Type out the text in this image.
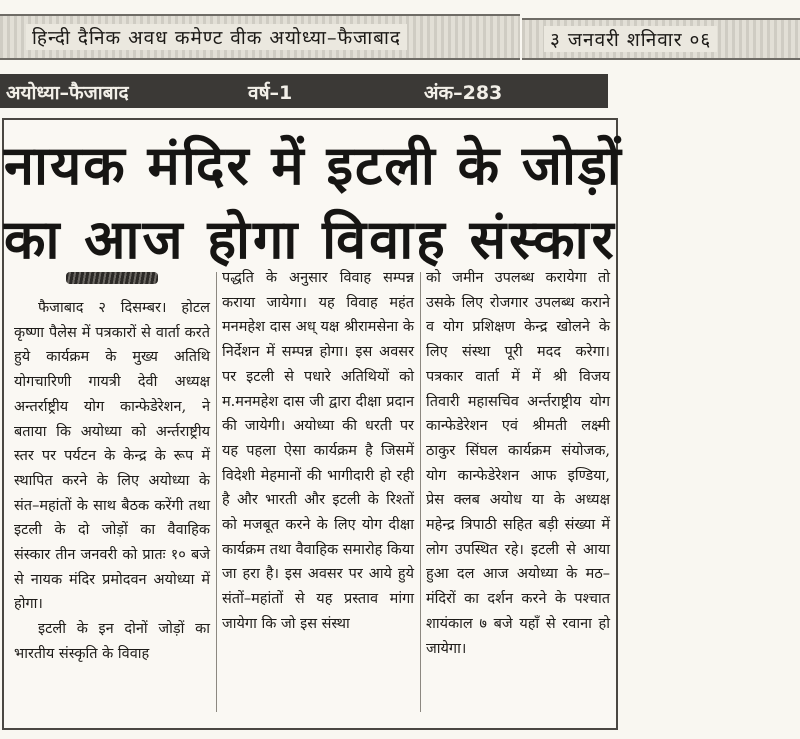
हिन्दी दैनिक अवध कमेण्ट वीक अयोध्या–फैजाबाद	३ जनवरी शनिवार ०६
अयोध्या–फैजाबाद	वर्ष–1	अंक–283
नायक मंदिर में इटली के जोड़ों
का आज होगा विवाह संस्कार

फैजाबाद २ दिसम्बर। होटल कृष्णा पैलेस में पत्रकारों से वार्ता करते हुये कार्यक्रम के मुख्य अतिथि योगचारिणी गायत्री देवी अध्यक्ष अन्तर्राष्ट्रीय योग कान्फेडेरेशन, ने बताया कि अयोध्या को अर्न्तराष्ट्रीय स्तर पर पर्यटन के केन्द्र के रूप में स्थापित करने के लिए अयोध्या के संत–महांतों के साथ बैठक करेंगी तथा इटली के दो जोड़ों का वैवाहिक संस्कार तीन जनवरी को प्रातः १० बजे से नायक मंदिर प्रमोदवन अयोध्या में होगा।

इटली के इन दोनों जोड़ों का भारतीय संस्कृति के विवाह

पद्धति के अनुसार विवाह सम्पन्न कराया जायेगा। यह विवाह महंत मनमहेश दास अध् यक्ष श्रीरामसेना के निर्देशन में सम्पन्न होगा। इस अवसर पर इटली से पधारे अतिथियों को म.मनमहेश दास जी द्वारा दीक्षा प्रदान की जायेगी। अयोध्या की धरती पर यह पहला ऐसा कार्यक्रम है जिसमें विदेशी मेहमानों की भागीदारी हो रही है और भारती और इटली के रिश्तों को मजबूत करने के लिए योग दीक्षा कार्यक्रम तथा वैवाहिक समारोह किया जा हरा है। इस अवसर पर आये हुये संतों–महांतों से यह प्रस्ताव मांगा जायेगा कि जो इस संस्था

को जमीन उपलब्ध करायेगा तो उसके लिए रोजगार उपलब्ध कराने व योग प्रशिक्षण केन्द्र खोलने के लिए संस्था पूरी मदद करेगा। पत्रकार वार्ता में में श्री विजय तिवारी महासचिव अर्न्तराष्ट्रीय योग कान्फेडेरेशन एवं श्रीमती लक्ष्मी ठाकुर सिंघल कार्यक्रम संयोजक, योग कान्फेडेरेशन आफ इण्डिया, प्रेस क्लब अयोध या के अध्यक्ष महेन्द्र त्रिपाठी सहित बड़ी संख्या में लोग उपस्थित रहे। इटली से आया हुआ दल आज अयोध्या के मठ–मंदिरों का दर्शन करने के पश्चात शायंकाल ७ बजे यहाँ से रवाना हो जायेगा।
